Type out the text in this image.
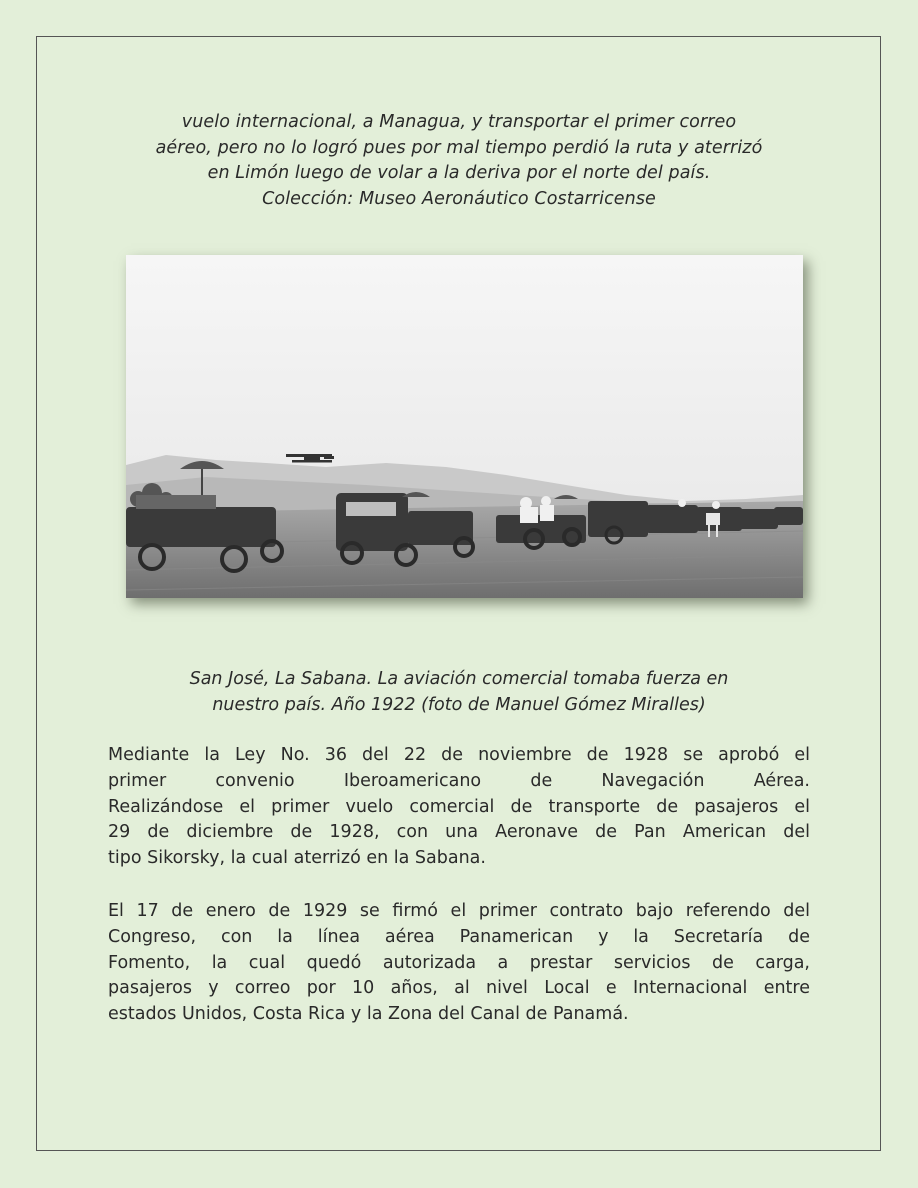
vuelo internacional, a Managua, y transportar el primer correo
aéreo, pero no lo logró pues por mal tiempo perdió la ruta y aterrizó
en Limón luego de volar a la deriva por el norte del país.
Colección: Museo Aeronáutico Costarricense
San José, La Sabana. La aviación comercial tomaba fuerza en
nuestro país. Año 1922 (foto de Manuel Gómez Miralles)
Mediante la Ley No. 36 del 22 de noviembre de 1928 se aprobó el
primer convenio Iberoamericano de Navegación Aérea.
Realizándose el primer vuelo comercial de transporte de pasajeros el
29 de diciembre de 1928, con una Aeronave de Pan American del
tipo Sikorsky, la cual aterrizó en la Sabana.
El 17 de enero de 1929 se firmó el primer contrato bajo referendo del
Congreso, con la línea aérea Panamerican y la Secretaría de
Fomento, la cual quedó autorizada a prestar servicios de carga,
pasajeros y correo por 10 años, al nivel Local e Internacional entre
estados Unidos, Costa Rica y la Zona del Canal de Panamá.
